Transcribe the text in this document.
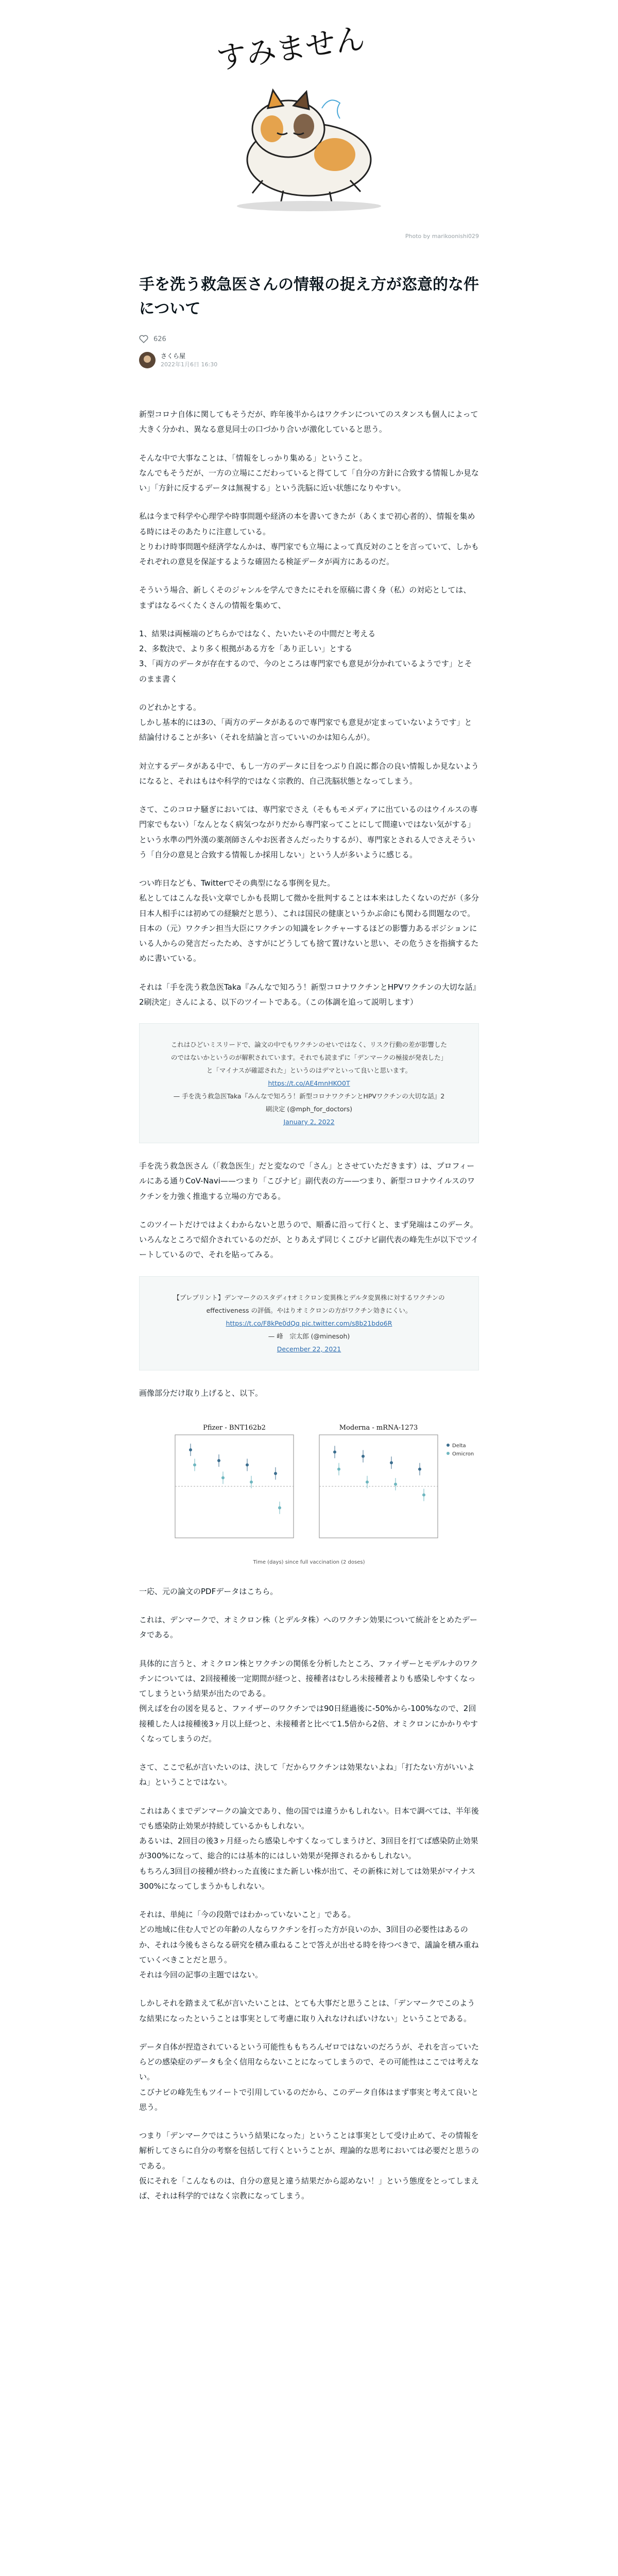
すみません
Photo by marikoonishi029
手を洗う救急医さんの情報の捉え方が恣意的な件について
626
さくら屋
2022年1月6日 16:30

新型コロナ自体に関してもそうだが、昨年後半からはワクチンについてのスタンスも個人によって大きく分かれ、異なる意見同士の口づかり合いが激化していると思う。

そんな中で大事なことは、「情報をしっかり集める」ということ。
なんでもそうだが、一方の立場にこだわっていると得てして「自分の方針に合致する情報しか見ない」「方針に反するデータは無視する」という洗脳に近い状態になりやすい。

私は今まで科学や心理学や時事問題や経済の本を書いてきたが（あくまで初心者的）、情報を集める時にはそのあたりに注意している。
とりわけ時事問題や経済学なんかは、専門家でも立場によって真反対のことを言っていて、しかもそれぞれの意見を保証するような確固たる検証データが両方にあるのだ。

そういう場合、新しくそのジャンルを学んできたにそれを原稿に書く身（私）の対応としては、
まずはなるべくたくさんの情報を集めて、

1、結果は両極端のどちらかではなく、たいたいその中間だと考える
2、多数決で、より多く根拠がある方を「あり正しい」とする
3、「両方のデータが存在するので、今のところは専門家でも意見が分かれているようです」とそのまま書く

のどれかとする。
しかし基本的には3の、「両方のデータがあるので専門家でも意見が定まっていないようです」と結論付けることが多い（それを結論と言っていいのかは知らんが）。

対立するデータがある中で、もし一方のデータに目をつぶり自説に都合の良い情報しか見ないようになると、それはもはや科学的ではなく宗教的、自己洗脳状態となってしまう。

さて、このコロナ騒ぎにおいては、専門家でさえ（そももモメディアに出ているのはウイルスの専門家でもない）「なんとなく病気つながりだから専門家ってことにして間違いではない気がする」という水準の門外漢の薬剤師さんやお医者さんだったりするが）、専門家とされる人でさえそういう「自分の意見と合致する情報しか採用しない」という人が多いように感じる。

つい昨日なども、Twitterでその典型になる事例を見た。
私としてはこんな長い文章でしかも長期して微かを批判することは本来はしたくないのだが（多分日本人相手には初めての経験だと思う）、これは国民の健康というかぶ命にも関わる問題なので。日本の（元）ワクチン担当大臣にワクチンの知識をレクチャーするほどの影響力あるポジションにいる人からの発言だったため、さすがにどうしても捨て置けないと思い、その危うさを指摘するために書いている。

それは「手を洗う救急医Taka『みんなで知ろう！新型コロナワクチンとHPVワクチンの大切な話』2刷決定」さんによる、以下のツイートである。（この体調を追って説明します）

これはひどいミスリードで、論文の中でもワクチンのせいではなく、リスク行動の差が影響したのではないかというのが解釈されています。それでも読まずに「デンマークの極接が発表した」と「マイナスが確認された」というのはデマといって良いと思います。
https://t.co/AE4mnHKO0T
— 手を洗う救急医Taka『みんなで知ろう！新型コロナワクチンとHPVワクチンの大切な話』2刷決定 (@mph_for_doctors)
January 2, 2022

手を洗う救急医さん（「救急医生」だと変なので「さん」とさせていただきます）は、プロフィールにある通りCoV-Navi——つまり「こびナビ」副代表の方——つまり、新型コロナウイルスのワクチンを力強く推進する立場の方である。

このツイートだけではよくわからないと思うので、順番に沿って行くと、まず発端はこのデータ。
いろんなところで紹介されているのだが、とりあえず同じくこびナビ副代表の峰先生が以下でツイートしているので、それを貼ってみる。

【プレプリント】デンマークのスタディ†オミクロン変異株とデルタ変異株に対するワクチンのeffectiveness の評価。やはりオミクロンの方がワクチン効きにくい。
https://t.co/F8kPe0dQq pic.twitter.com/s8b21bdo6R
— 峰　宗太郎 (@minesoh)
December 22, 2021

画像部分だけ取り上げると、以下。

Pfizer - BNT162b2	Moderna - mRNA-1273
Delta
Omicron
Time (days) since full vaccination (2 doses)

一応、元の論文のPDFデータはこちら。

これは、デンマークで、オミクロン株（とデルタ株）へのワクチン効果について統計をとめたデータである。

具体的に言うと、オミクロン株とワクチンの関係を分析したところ、ファイザーとモデルナのワクチンについては、2回接種後一定期間が経つと、接種者はむしろ未接種者よりも感染しやすくなってしまうという結果が出たのである。
例えばを台の図を見ると、ファイザーのワクチンでは90日経過後に-50%から-100%なので、2回接種した人は接種後3ヶ月以上経つと、未接種者と比べて1.5倍から2倍、オミクロンにかかりやすくなってしまうのだ。

さて、ここで私が言いたいのは、決して「だからワクチンは効果ないよね」「打たない方がいいよね」ということではない。

これはあくまでデンマークの論文であり、他の国では違うかもしれない。日本で調べては、半年後でも感染防止効果が持続しているかもしれない。
あるいは、2回目の後3ヶ月経ったら感染しやすくなってしまうけど、3回目を打てば感染防止効果が300%になって、総合的には基本的にはしい効果が発揮されるかもしれない。
もちろん3回目の接種が終わった直後にまた新しい株が出て、その新株に対しては効果がマイナス300%になってしまうかもしれない。

それは、単純に「今の段階ではわかっていないこと」である。
どの地域に住む人でどの年齢の人ならワクチンを打った方が良いのか、3回目の必要性はあるのか、それは今後もさらなる研究を積み重ねることで答えが出せる時を待つべきで、議論を積み重ねていくべきことだと思う。
それは今回の記事の主題ではない。

しかしそれを踏まえて私が言いたいことは、とても大事だと思うことは、「デンマークでこのような結果になったということは事実として考慮に取り入れなければいけない」ということである。

データ自体が捏造されているという可能性ももちろんゼロではないのだろうが、それを言っていたらどの感染症のデータも全く信用ならないことになってしまうので、その可能性はここでは考えない。
こびナビの峰先生もツイートで引用しているのだから、このデータ自体はまず事実と考えて良いと思う。

つまり「デンマークではこういう結果になった」ということは事実として受け止めて、その情報を解析してさらに自分の考察を包括して行くということが、理論的な思考においては必要だと思うのである。
仮にそれを「こんなものは、自分の意見と違う結果だから認めない！」という態度をとってしまえば、それは科学的ではなく宗教になってしまう。
